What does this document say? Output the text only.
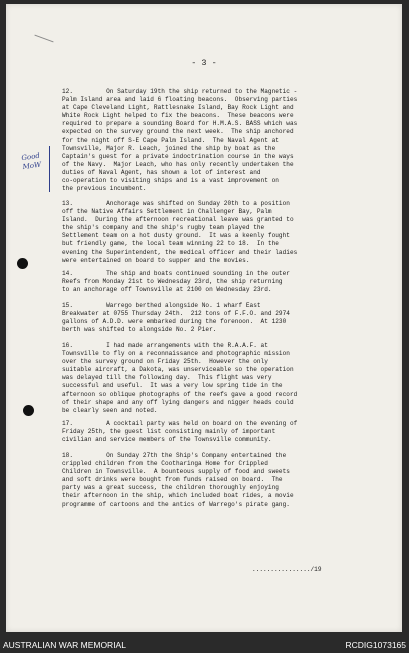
- 3 -
Good
MoW
12.         On Saturday 19th the ship returned to the Magnetic -
Palm Island area and laid 6 floating beacons.  Observing parties
at Cape Cleveland Light, Rattlesnake Island, Bay Rock Light and
White Rock Light helped to fix the beacons.  These beacons were
required to prepare a sounding Board for H.M.A.S. BASS which was
expected on the survey ground the next week.  The ship anchored
for the night off S-E Cape Palm Island.  The Naval Agent at
Townsville, Major R. Leach, joined the ship by boat as the
Captain's guest for a private indoctrination course in the ways
of the Navy.  Major Leach, who has only recently undertaken the
duties of Naval Agent, has shown a lot of interest and
co-operation to visiting ships and is a vast improvement on
the previous incumbent.
13.         Anchorage was shifted on Sunday 20th to a position
off the Native Affairs Settlement in Challenger Bay, Palm
Island.  During the afternoon recreational leave was granted to
the ship's company and the ship's rugby team played the
Settlement team on a hot dusty ground.  It was a keenly fought
but friendly game, the local team winning 22 to 18.  In the
evening the Superintendent, the medical officer and their ladies
were entertained on board to supper and the movies.
14.         The ship and boats continued sounding in the outer
Reefs from Monday 21st to Wednesday 23rd, the ship returning
to an anchorage off Townsville at 2100 on Wednesday 23rd.
15.         Warrego berthed alongside No. 1 wharf East
Breakwater at 0755 Thursday 24th.  212 tons of F.F.O. and 2974
gallons of A.D.D. were embarked during the forenoon.  At 1230
berth was shifted to alongside No. 2 Pier.
16.         I had made arrangements with the R.A.A.F. at
Townsville to fly on a reconnaissance and photographic mission
over the survey ground on Friday 25th.  However the only
suitable aircraft, a Dakota, was unserviceable so the operation
was delayed till the following day.  This flight was very
successful and useful.  It was a very low spring tide in the
afternoon so oblique photographs of the reefs gave a good record
of their shape and any off lying dangers and nigger heads could
be clearly seen and noted.
17.         A cocktail party was held on board on the evening of
Friday 25th, the guest list consisting mainly of important
civilian and service members of the Townsville community.
18.         On Sunday 27th the Ship's Company entertained the
crippled children from the Cootharinga Home for Crippled
Children in Townsville.  A bounteous supply of food and sweets
and soft drinks were bought from funds raised on board.  The
party was a great success, the children thoroughly enjoying
their afternoon in the ship, which included boat rides, a movie
programme of cartoons and the antics of Warrego's pirate gang.
................/19
AUSTRALIAN WAR MEMORIAL	RCDIG1073165
